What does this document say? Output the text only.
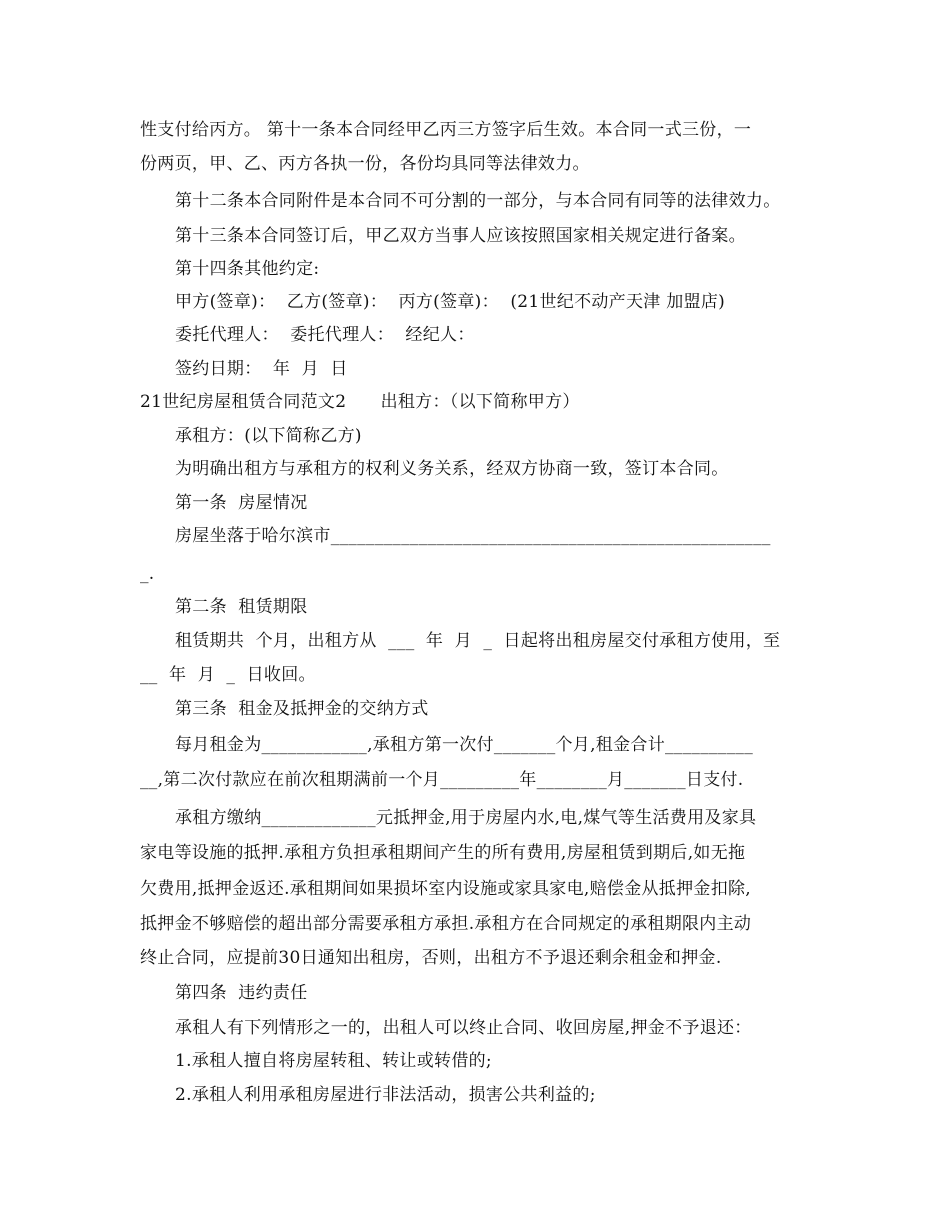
性支付给丙方。 第十一条本合同经甲乙丙三方签字后生效。本合同一式三份，一
份两页，甲、乙、丙方各执一份，各份均具同等法律效力。
第十二条本合同附件是本合同不可分割的一部分，与本合同有同等的法律效力。
第十三条本合同签订后，甲乙双方当事人应该按照国家相关规定进行备案。
第十四条其他约定:
甲方(签章)：  乙方(签章)：  丙方(签章)：  (21世纪不动产天津 加盟店)
委托代理人：  委托代理人：  经纪人：
签约日期：  年  月  日
21世纪房屋租赁合同范文2      出租方：（以下简称甲方）
承租方：(以下简称乙方)
为明确出租方与承租方的权利义务关系，经双方协商一致，签订本合同。
第一条  房屋情况
房屋坐落于哈尔滨市__________________________________________________
_.
第二条  租赁期限
租赁期共  个月，出租方从  ___  年  月  _  日起将出租房屋交付承租方使用，至
__  年  月  _  日收回。
第三条  租金及抵押金的交纳方式
每月租金为____________,承租方第一次付_______个月,租金合计__________
__,第二次付款应在前次租期满前一个月_________年________月_______日支付.
承租方缴纳_____________元抵押金,用于房屋内水,电,煤气等生活费用及家具
家电等设施的抵押.承租方负担承租期间产生的所有费用,房屋租赁到期后,如无拖
欠费用,抵押金返还.承租期间如果损坏室内设施或家具家电,赔偿金从抵押金扣除,
抵押金不够赔偿的超出部分需要承租方承担.承租方在合同规定的承租期限内主动
终止合同，应提前30日通知出租房，否则，出租方不予退还剩余租金和押金.
第四条  违约责任
承租人有下列情形之一的，出租人可以终止合同、收回房屋,押金不予退还：
1.承租人擅自将房屋转租、转让或转借的;
2.承租人利用承租房屋进行非法活动，损害公共利益的;
